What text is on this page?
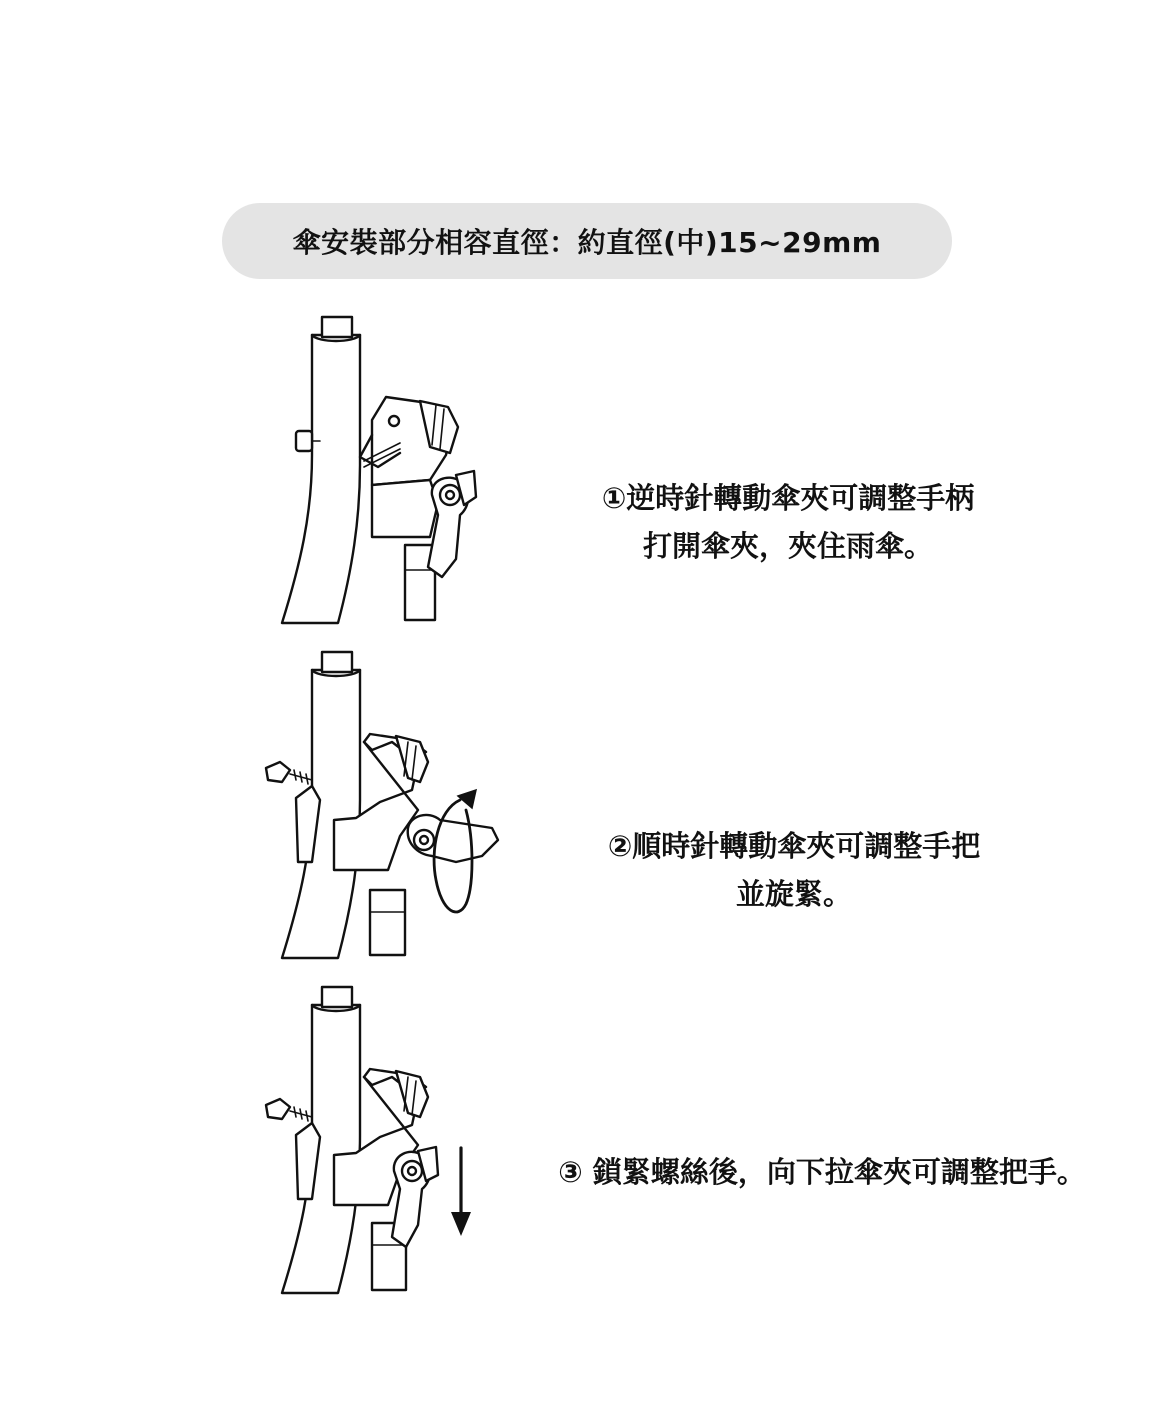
傘安裝部分相容直徑：約直徑(中)15~29mm
①逆時針轉動傘夾可調整手柄
打開傘夾，夾住雨傘。
②順時針轉動傘夾可調整手把
並旋緊。
③ 鎖緊螺絲後，向下拉傘夾可調整把手。
